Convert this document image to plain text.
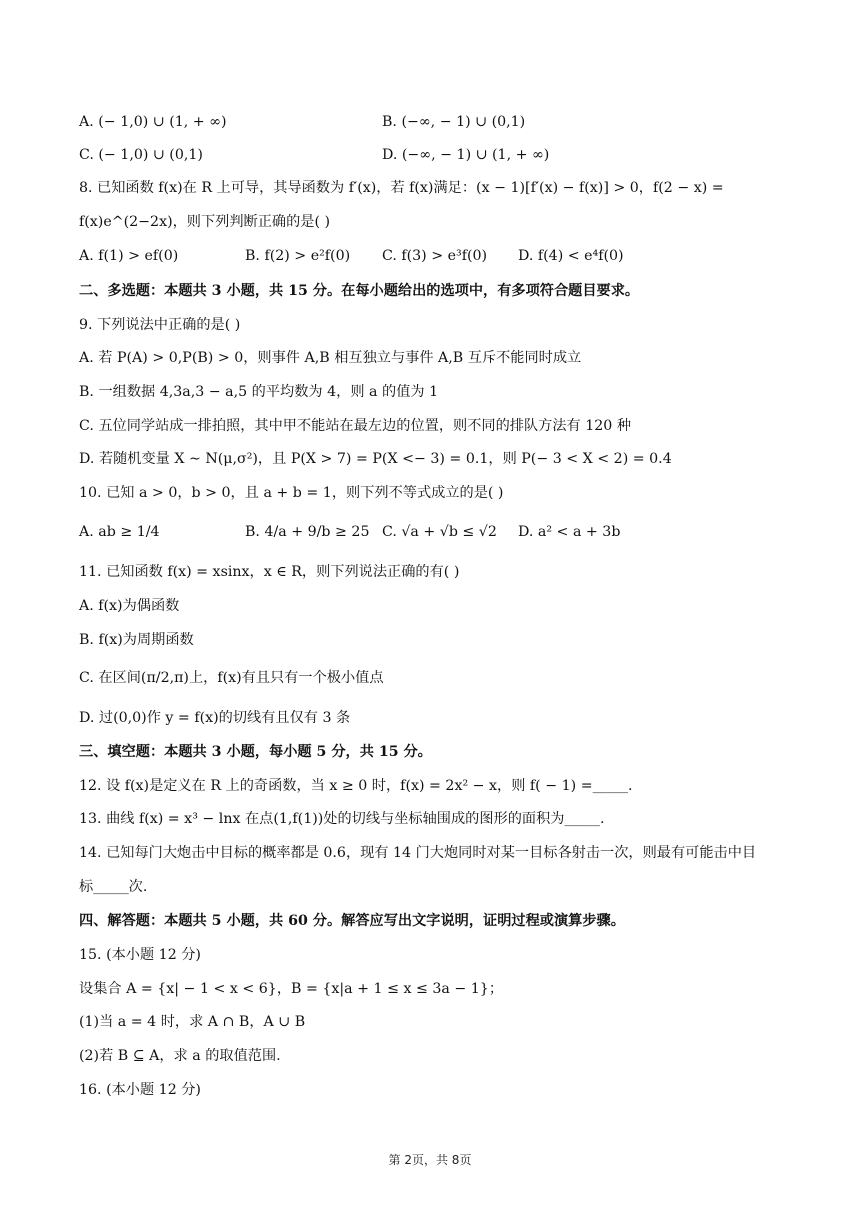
A. (− 1,0) ∪ (1, + ∞)	B. (−∞, − 1) ∪ (0,1)
C. (− 1,0) ∪ (0,1)	D. (−∞, − 1) ∪ (1, + ∞)
8. 已知函数 f(x)在 R 上可导，其导函数为 f′(x)，若 f(x)满足：(x − 1)[f′(x) − f(x)] > 0，f(2 − x) =
f(x)e^(2−2x)，则下列判断正确的是( )
A. f(1) > ef(0)	B. f(2) > e²f(0) C. f(3) > e³f(0) D. f(4) < e⁴f(0)
二、多选题：本题共 3 小题，共 15 分。在每小题给出的选项中，有多项符合题目要求。
9. 下列说法中正确的是( )
A. 若 P(A) > 0,P(B) > 0，则事件 A,B 相互独立与事件 A,B 互斥不能同时成立
B. 一组数据 4,3a,3 − a,5 的平均数为 4，则 a 的值为 1
C. 五位同学站成一排拍照，其中甲不能站在最左边的位置，则不同的排队方法有 120 种
D. 若随机变量 X ∼ N(μ,σ²)，且 P(X > 7) = P(X <− 3) = 0.1，则 P(− 3 < X < 2) = 0.4
10. 已知 a > 0，b > 0，且 a + b = 1，则下列不等式成立的是( )
A. ab ≥ 1/4	B. 4/a + 9/b ≥ 25 C. √a + √b ≤ √2 D. a² < a + 3b
11. 已知函数 f(x) = xsinx，x ∈ R，则下列说法正确的有( )
A. f(x)为偶函数
B. f(x)为周期函数
C. 在区间(π/2,π)上，f(x)有且只有一个极小值点
D. 过(0,0)作 y = f(x)的切线有且仅有 3 条
三、填空题：本题共 3 小题，每小题 5 分，共 15 分。
12. 设 f(x)是定义在 R 上的奇函数，当 x ≥ 0 时，f(x) = 2x² − x，则 f( − 1) =_____.
13. 曲线 f(x) = x³ − lnx 在点(1,f(1))处的切线与坐标轴围成的图形的面积为_____.
14. 已知每门大炮击中目标的概率都是 0.6，现有 14 门大炮同时对某一目标各射击一次，则最有可能击中目
标_____次.
四、解答题：本题共 5 小题，共 60 分。解答应写出文字说明，证明过程或演算步骤。
15. (本小题 12 分)
设集合 A = {x| − 1 < x < 6}，B = {x|a + 1 ≤ x ≤ 3a − 1}；
(1)当 a = 4 时，求 A ∩ B，A ∪ B
(2)若 B ⊆ A，求 a 的取值范围.
16. (本小题 12 分)
第 2页，共 8页
